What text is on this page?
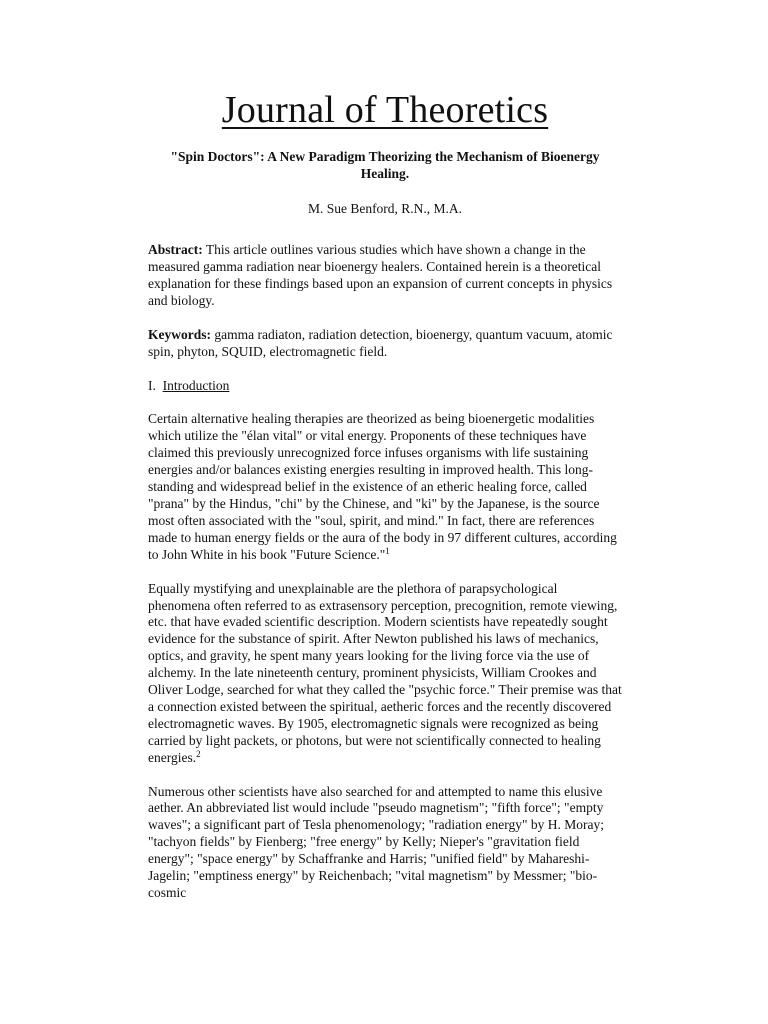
Journal of Theoretics
"Spin Doctors": A New Paradigm Theorizing the Mechanism of Bioenergy Healing.
M. Sue Benford, R.N., M.A.

Abstract: This article outlines various studies which have shown a change in the measured gamma radiation near bioenergy healers. Contained herein is a theoretical explanation for these findings based upon an expansion of current concepts in physics and biology.

Keywords: gamma radiaton, radiation detection, bioenergy, quantum vacuum, atomic spin, phyton, SQUID, electromagnetic field.

I. Introduction

Certain alternative healing therapies are theorized as being bioenergetic modalities which utilize the "élan vital" or vital energy. Proponents of these techniques have claimed this previously unrecognized force infuses organisms with life sustaining energies and/or balances existing energies resulting in improved health. This long-standing and widespread belief in the existence of an etheric healing force, called "prana" by the Hindus, "chi" by the Chinese, and "ki" by the Japanese, is the source most often associated with the "soul, spirit, and mind." In fact, there are references made to human energy fields or the aura of the body in 97 different cultures, according to John White in his book "Future Science."$^1$

Equally mystifying and unexplainable are the plethora of parapsychological phenomena often referred to as extrasensory perception, precognition, remote viewing, etc. that have evaded scientific description. Modern scientists have repeatedly sought evidence for the substance of spirit. After Newton published his laws of mechanics, optics, and gravity, he spent many years looking for the living force via the use of alchemy. In the late nineteenth century, prominent physicists, William Crookes and Oliver Lodge, searched for what they called the "psychic force." Their premise was that a connection existed between the spiritual, aetheric forces and the recently discovered electromagnetic waves. By 1905, electromagnetic signals were recognized as being carried by light packets, or photons, but were not scientifically connected to healing energies.$^2$

Numerous other scientists have also searched for and attempted to name this elusive aether. An abbreviated list would include "pseudo magnetism"; "fifth force"; "empty waves"; a significant part of Tesla phenomenology; "radiation energy" by H. Moray; "tachyon fields" by Fienberg; "free energy" by Kelly; Nieper's "gravitation field energy"; "space energy" by Schaffranke and Harris; "unified field" by Mahareshi-Jagelin; "emptiness energy" by Reichenbach; "vital magnetism" by Messmer; "bio-cosmic
